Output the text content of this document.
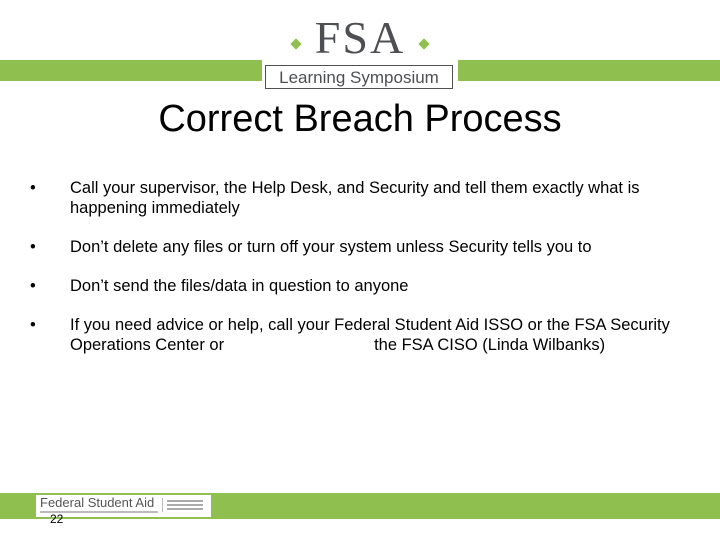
FSA
Learning Symposium
Correct Breach Process
• Call your supervisor, the Help Desk, and Security and tell them exactly what is happening immediately
• Don’t delete any files or turn off your system unless Security tells you to
• Don’t send the files/data in question to anyone
• If you need advice or help, call your Federal Student Aid ISSO or the FSA Security Operations Center or	the FSA CISO (Linda Wilbanks)
Federal Student Aid
22
